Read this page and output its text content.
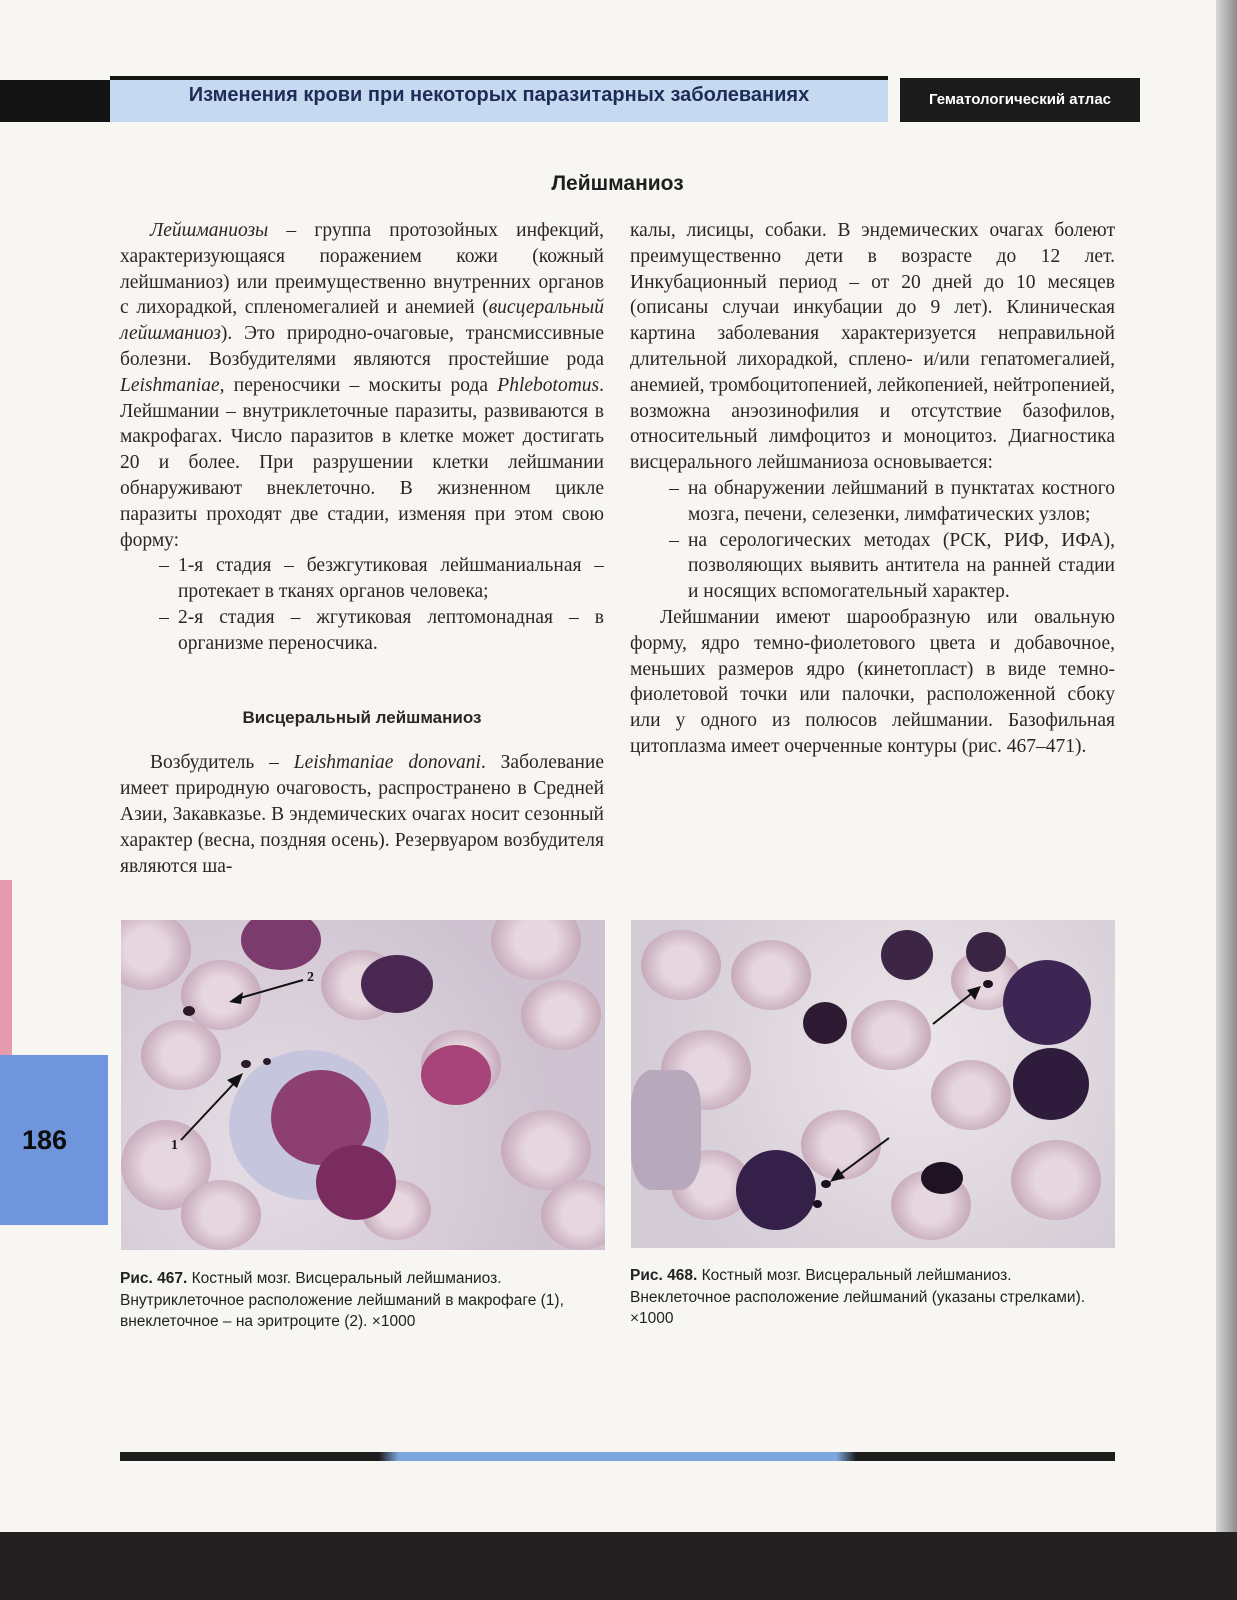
Изменения крови при некоторых паразитарных заболеваниях	Гематологический атлас
186
Лейшманиоз

Лейшманиозы – группа протозойных инфекций, характеризующаяся поражением кожи (кожный лейшманиоз) или преимущественно внутренних органов с лихорадкой, спленомегалией и анемией (висцеральный лейшманиоз). Это природно-очаговые, трансмиссивные болезни. Возбудителями являются простейшие рода Leishmaniae, переносчики – москиты рода Phlebotomus. Лейшмании – внутриклеточные паразиты, развиваются в макрофагах. Число паразитов в клетке может достигать 20 и более. При разрушении клетки лейшмании обнаруживают внеклеточно. В жизненном цикле паразиты проходят две стадии, изменяя при этом свою форму:

– 1-я стадия – безжгутиковая лейшманиальная – протекает в тканях органов человека;
– 2-я стадия – жгутиковая лептомонадная – в организме переносчика.

Висцеральный лейшманиоз

Возбудитель – Leishmaniae donovani. Заболевание имеет природную очаговость, распространено в Средней Азии, Закавказье. В эндемических очагах носит сезонный характер (весна, поздняя осень). Резервуаром возбудителя являются ша-

калы, лисицы, собаки. В эндемических очагах болеют преимущественно дети в возрасте до 12 лет. Инкубационный период – от 20 дней до 10 месяцев (описаны случаи инкубации до 9 лет). Клиническая картина заболевания характеризуется неправильной длительной лихорадкой, сплено- и/или гепатомегалией, анемией, тромбоцитопенией, лейкопенией, нейтропенией, возможна анэозинофилия и отсутствие базофилов, относительный лимфоцитоз и моноцитоз. Диагностика висцерального лейшманиоза основывается:

– на обнаружении лейшманий в пунктатах костного мозга, печени, селезенки, лимфатических узлов;
– на серологических методах (РСК, РИФ, ИФА), позволяющих выявить антитела на ранней стадии и носящих вспомогательный характер.

Лейшмании имеют шарообразную или овальную форму, ядро темно-фиолетового цвета и добавочное, меньших размеров ядро (кинетопласт) в виде темно-фиолетовой точки или палочки, расположенной сбоку или у одного из полюсов лейшмании. Базофильная цитоплазма имеет очерченные контуры (рис. 467–471).

2
1
Рис. 467. Костный мозг. Висцеральный лейшманиоз. Внутриклеточное расположение лейшманий в макрофаге (1), внеклеточное – на эритроците (2). ×1000
Рис. 468. Костный мозг. Висцеральный лейшманиоз. Внеклеточное расположение лейшманий (указаны стрелками). ×1000
